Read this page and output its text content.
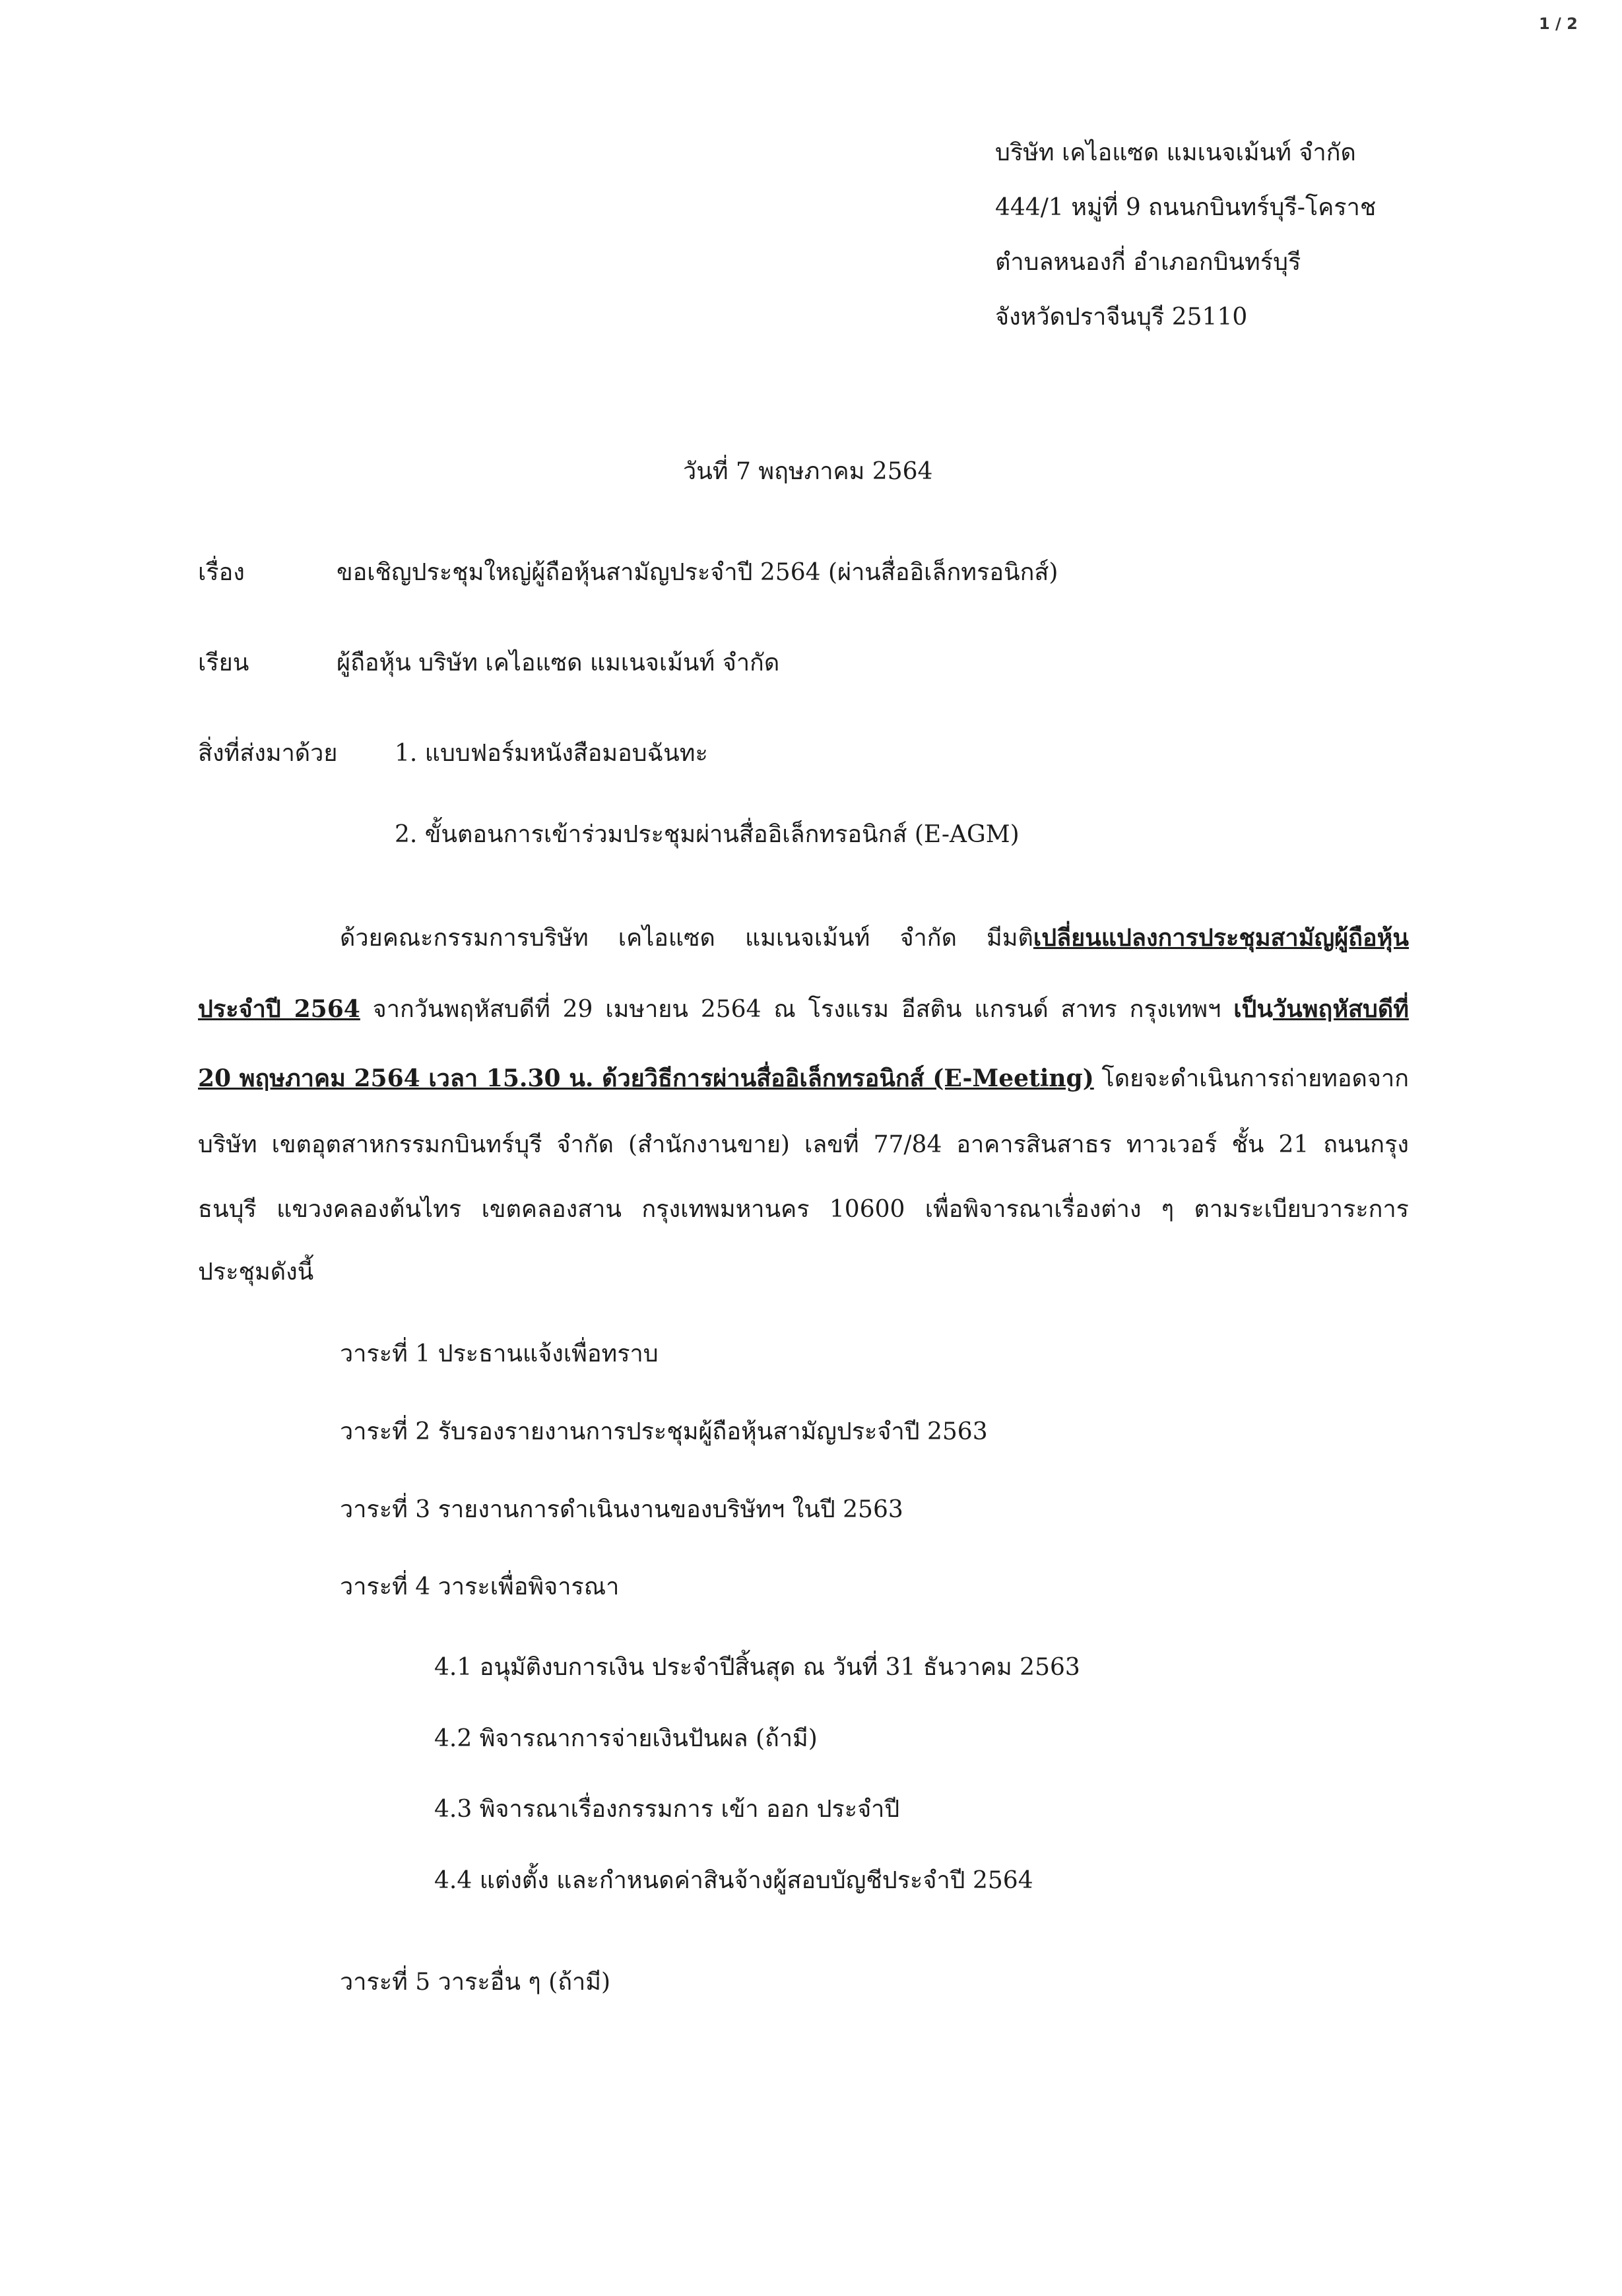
1 / 2
บริษัท เคไอแซด แมเนจเม้นท์ จำกัด
444/1 หมู่ที่ 9 ถนนกบินทร์บุรี-โคราช
ตำบลหนองกี่ อำเภอกบินทร์บุรี
จังหวัดปราจีนบุรี 25110
วันที่ 7 พฤษภาคม 2564
เรื่อง	ขอเชิญประชุมใหญ่ผู้ถือหุ้นสามัญประจำปี 2564 (ผ่านสื่ออิเล็กทรอนิกส์)
เรียน	ผู้ถือหุ้น บริษัท เคไอแซด แมเนจเม้นท์ จำกัด
สิ่งที่ส่งมาด้วย 1. แบบฟอร์มหนังสือมอบฉันทะ
2. ขั้นตอนการเข้าร่วมประชุมผ่านสื่ออิเล็กทรอนิกส์ (E-AGM)
ด้วยคณะกรรมการบริษัท เคไอแซด แมเนจเม้นท์ จำกัด มีมติเปลี่ยนแปลงการประชุมสามัญผู้ถือหุ้น
ประจำปี 2564 จากวันพฤหัสบดีที่ 29 เมษายน 2564 ณ โรงแรม อีสติน แกรนด์ สาทร กรุงเทพฯ เป็นวันพฤหัสบดีที่
20 พฤษภาคม 2564 เวลา 15.30 น. ด้วยวิธีการผ่านสื่ออิเล็กทรอนิกส์ (E-Meeting) โดยจะดำเนินการถ่ายทอดจาก
บริษัท เขตอุตสาหกรรมกบินทร์บุรี จำกัด (สำนักงานขาย) เลขที่ 77/84 อาคารสินสาธร ทาวเวอร์ ชั้น 21 ถนนกรุง
ธนบุรี แขวงคลองต้นไทร เขตคลองสาน กรุงเทพมหานคร 10600 เพื่อพิจารณาเรื่องต่าง ๆ ตามระเบียบวาระการ
ประชุมดังนี้
วาระที่ 1 ประธานแจ้งเพื่อทราบ
วาระที่ 2 รับรองรายงานการประชุมผู้ถือหุ้นสามัญประจำปี 2563
วาระที่ 3 รายงานการดำเนินงานของบริษัทฯ ในปี 2563
วาระที่ 4 วาระเพื่อพิจารณา
4.1 อนุมัติงบการเงิน ประจำปีสิ้นสุด ณ วันที่ 31 ธันวาคม 2563
4.2 พิจารณาการจ่ายเงินปันผล (ถ้ามี)
4.3 พิจารณาเรื่องกรรมการ เข้า ออก ประจำปี
4.4 แต่งตั้ง และกำหนดค่าสินจ้างผู้สอบบัญชีประจำปี 2564
วาระที่ 5 วาระอื่น ๆ (ถ้ามี)
